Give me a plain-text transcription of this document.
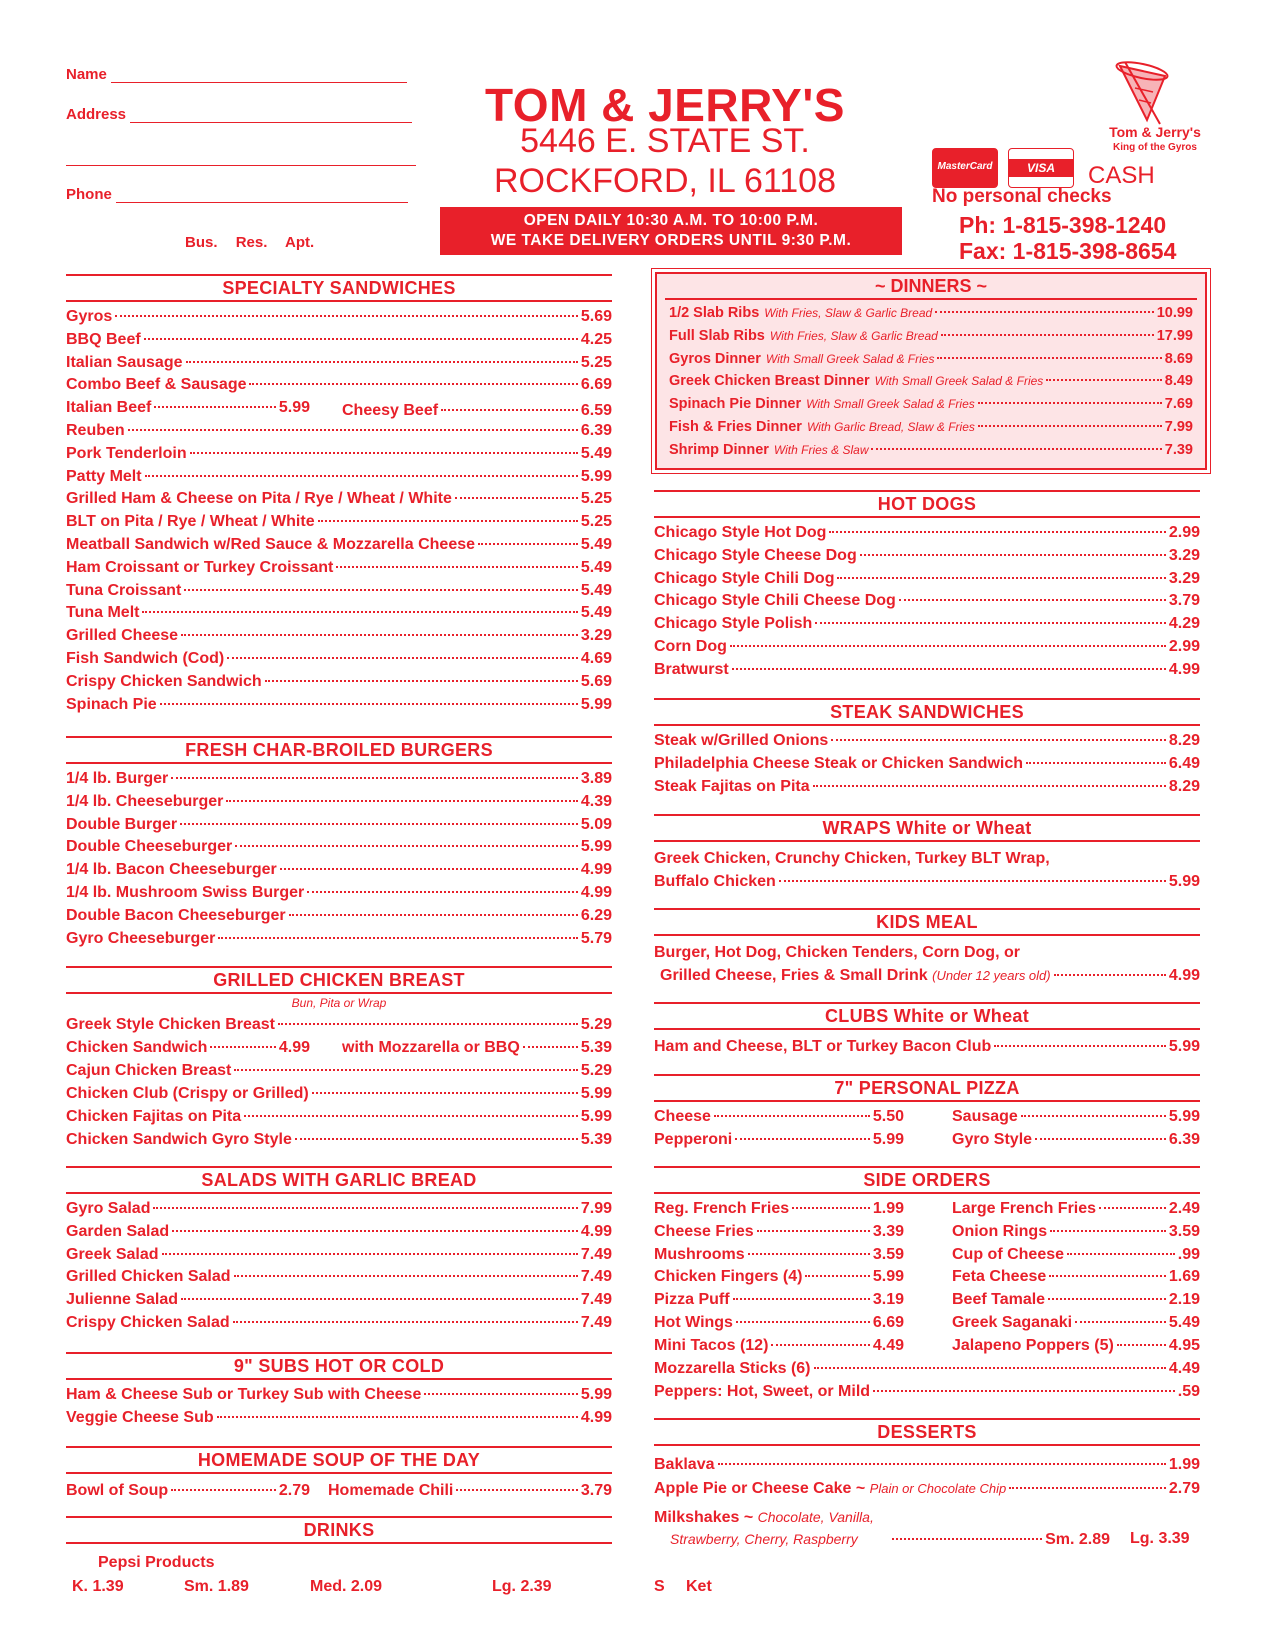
Name
Address
Phone
Bus. Res. Apt.
TOM & JERRY'S
5446 E. STATE ST.
ROCKFORD, IL 61108
OPEN DAILY 10:30 A.M. TO 10:00 P.M.
WE TAKE DELIVERY ORDERS UNTIL 9:30 P.M.
Tom & Jerry's
King of the Gyros
MasterCard	VISA	CASH
No personal checks
Ph: 1-815-398-1240
Fax: 1-815-398-8654
SPECIALTY SANDWICHES
Gyros	5.69
BBQ Beef	4.25
Italian Sausage	5.25
Combo Beef & Sausage	6.69
Italian Beef	5.99
Reuben	6.39
Pork Tenderloin	5.49
Patty Melt	5.99
Grilled Ham & Cheese on Pita / Rye / Wheat / White	5.25
BLT on Pita / Rye / Wheat / White	5.25
Meatball Sandwich w/Red Sauce & Mozzarella Cheese	5.49
Ham Croissant or Turkey Croissant	5.49
Tuna Croissant	5.49
Tuna Melt	5.49
Grilled Cheese	3.29
Fish Sandwich (Cod)	4.69
Crispy Chicken Sandwich	5.69
Spinach Pie	5.99
Cheesy Beef	6.59
FRESH CHAR-BROILED BURGERS
1/4 lb. Burger	3.89
1/4 lb. Cheeseburger	4.39
Double Burger	5.09
Double Cheeseburger	5.99
1/4 lb. Bacon Cheeseburger	4.99
1/4 lb. Mushroom Swiss Burger	4.99
Double Bacon Cheeseburger	6.29
Gyro Cheeseburger	5.79
GRILLED CHICKEN BREAST
Bun, Pita or Wrap
Greek Style Chicken Breast	5.29
Chicken Sandwich	4.99
Cajun Chicken Breast	5.29
Chicken Club (Crispy or Grilled)	5.99
Chicken Fajitas on Pita	5.99
Chicken Sandwich Gyro Style	5.39
with Mozzarella or BBQ	5.39
SALADS WITH GARLIC BREAD
Gyro Salad	7.99
Garden Salad	4.99
Greek Salad	7.49
Grilled Chicken Salad	7.49
Julienne Salad	7.49
Crispy Chicken Salad	7.49
9" SUBS HOT OR COLD
Ham & Cheese Sub or Turkey Sub with Cheese	5.99
Veggie Cheese Sub	4.99
HOMEMADE SOUP OF THE DAY
Bowl of Soup	2.79 Homemade Chili	3.79
DRINKS
Pepsi Products
K. 1.39	Sm. 1.89	Med. 2.09	Lg. 2.39
~ DINNERS ~
1/2 Slab Ribs With Fries, Slaw & Garlic Bread	10.99
Full Slab Ribs With Fries, Slaw & Garlic Bread	17.99
Gyros Dinner With Small Greek Salad & Fries	8.69
Greek Chicken Breast Dinner With Small Greek Salad & Fries	8.49
Spinach Pie Dinner With Small Greek Salad & Fries	7.69
Fish & Fries Dinner With Garlic Bread, Slaw & Fries	7.99
Shrimp Dinner With Fries & Slaw	7.39
HOT DOGS
Chicago Style Hot Dog	2.99
Chicago Style Cheese Dog	3.29
Chicago Style Chili Dog	3.29
Chicago Style Chili Cheese Dog	3.79
Chicago Style Polish	4.29
Corn Dog	2.99
Bratwurst	4.99
STEAK SANDWICHES
Steak w/Grilled Onions	8.29
Philadelphia Cheese Steak or Chicken Sandwich	6.49
Steak Fajitas on Pita	8.29
WRAPS White or Wheat
Greek Chicken, Crunchy Chicken, Turkey BLT Wrap,
Buffalo Chicken	5.99
KIDS MEAL
Burger, Hot Dog, Chicken Tenders, Corn Dog, or
Grilled Cheese, Fries & Small Drink
(Under 12 years old)	4.99
CLUBS White or Wheat
Ham and Cheese, BLT or Turkey Bacon Club	5.99
7" PERSONAL PIZZA
Cheese	5.50
Pepperoni	5.99
Sausage	5.99
Gyro Style	6.39
SIDE ORDERS
Reg. French Fries	1.99
Cheese Fries	3.39
Mushrooms	3.59
Chicken Fingers (4)	5.99
Pizza Puff	3.19
Hot Wings	6.69
Mini Tacos (12)	4.49
Large French Fries	2.49
Onion Rings	3.59
Cup of Cheese	.99
Feta Cheese	1.69
Beef Tamale	2.19
Greek Saganaki	5.49
Jalapeno Poppers (5)	4.95
Mozzarella Sticks (6)	4.49
Peppers: Hot, Sweet, or Mild	.59
DESSERTS
Baklava	1.99
Apple Pie or Cheese Cake ~
Plain or Chocolate Chip	2.79
Milkshakes ~ Chocolate, Vanilla,
Strawberry, Cherry, Raspberry	Sm. 2.89 Lg. 3.39
S Ket
